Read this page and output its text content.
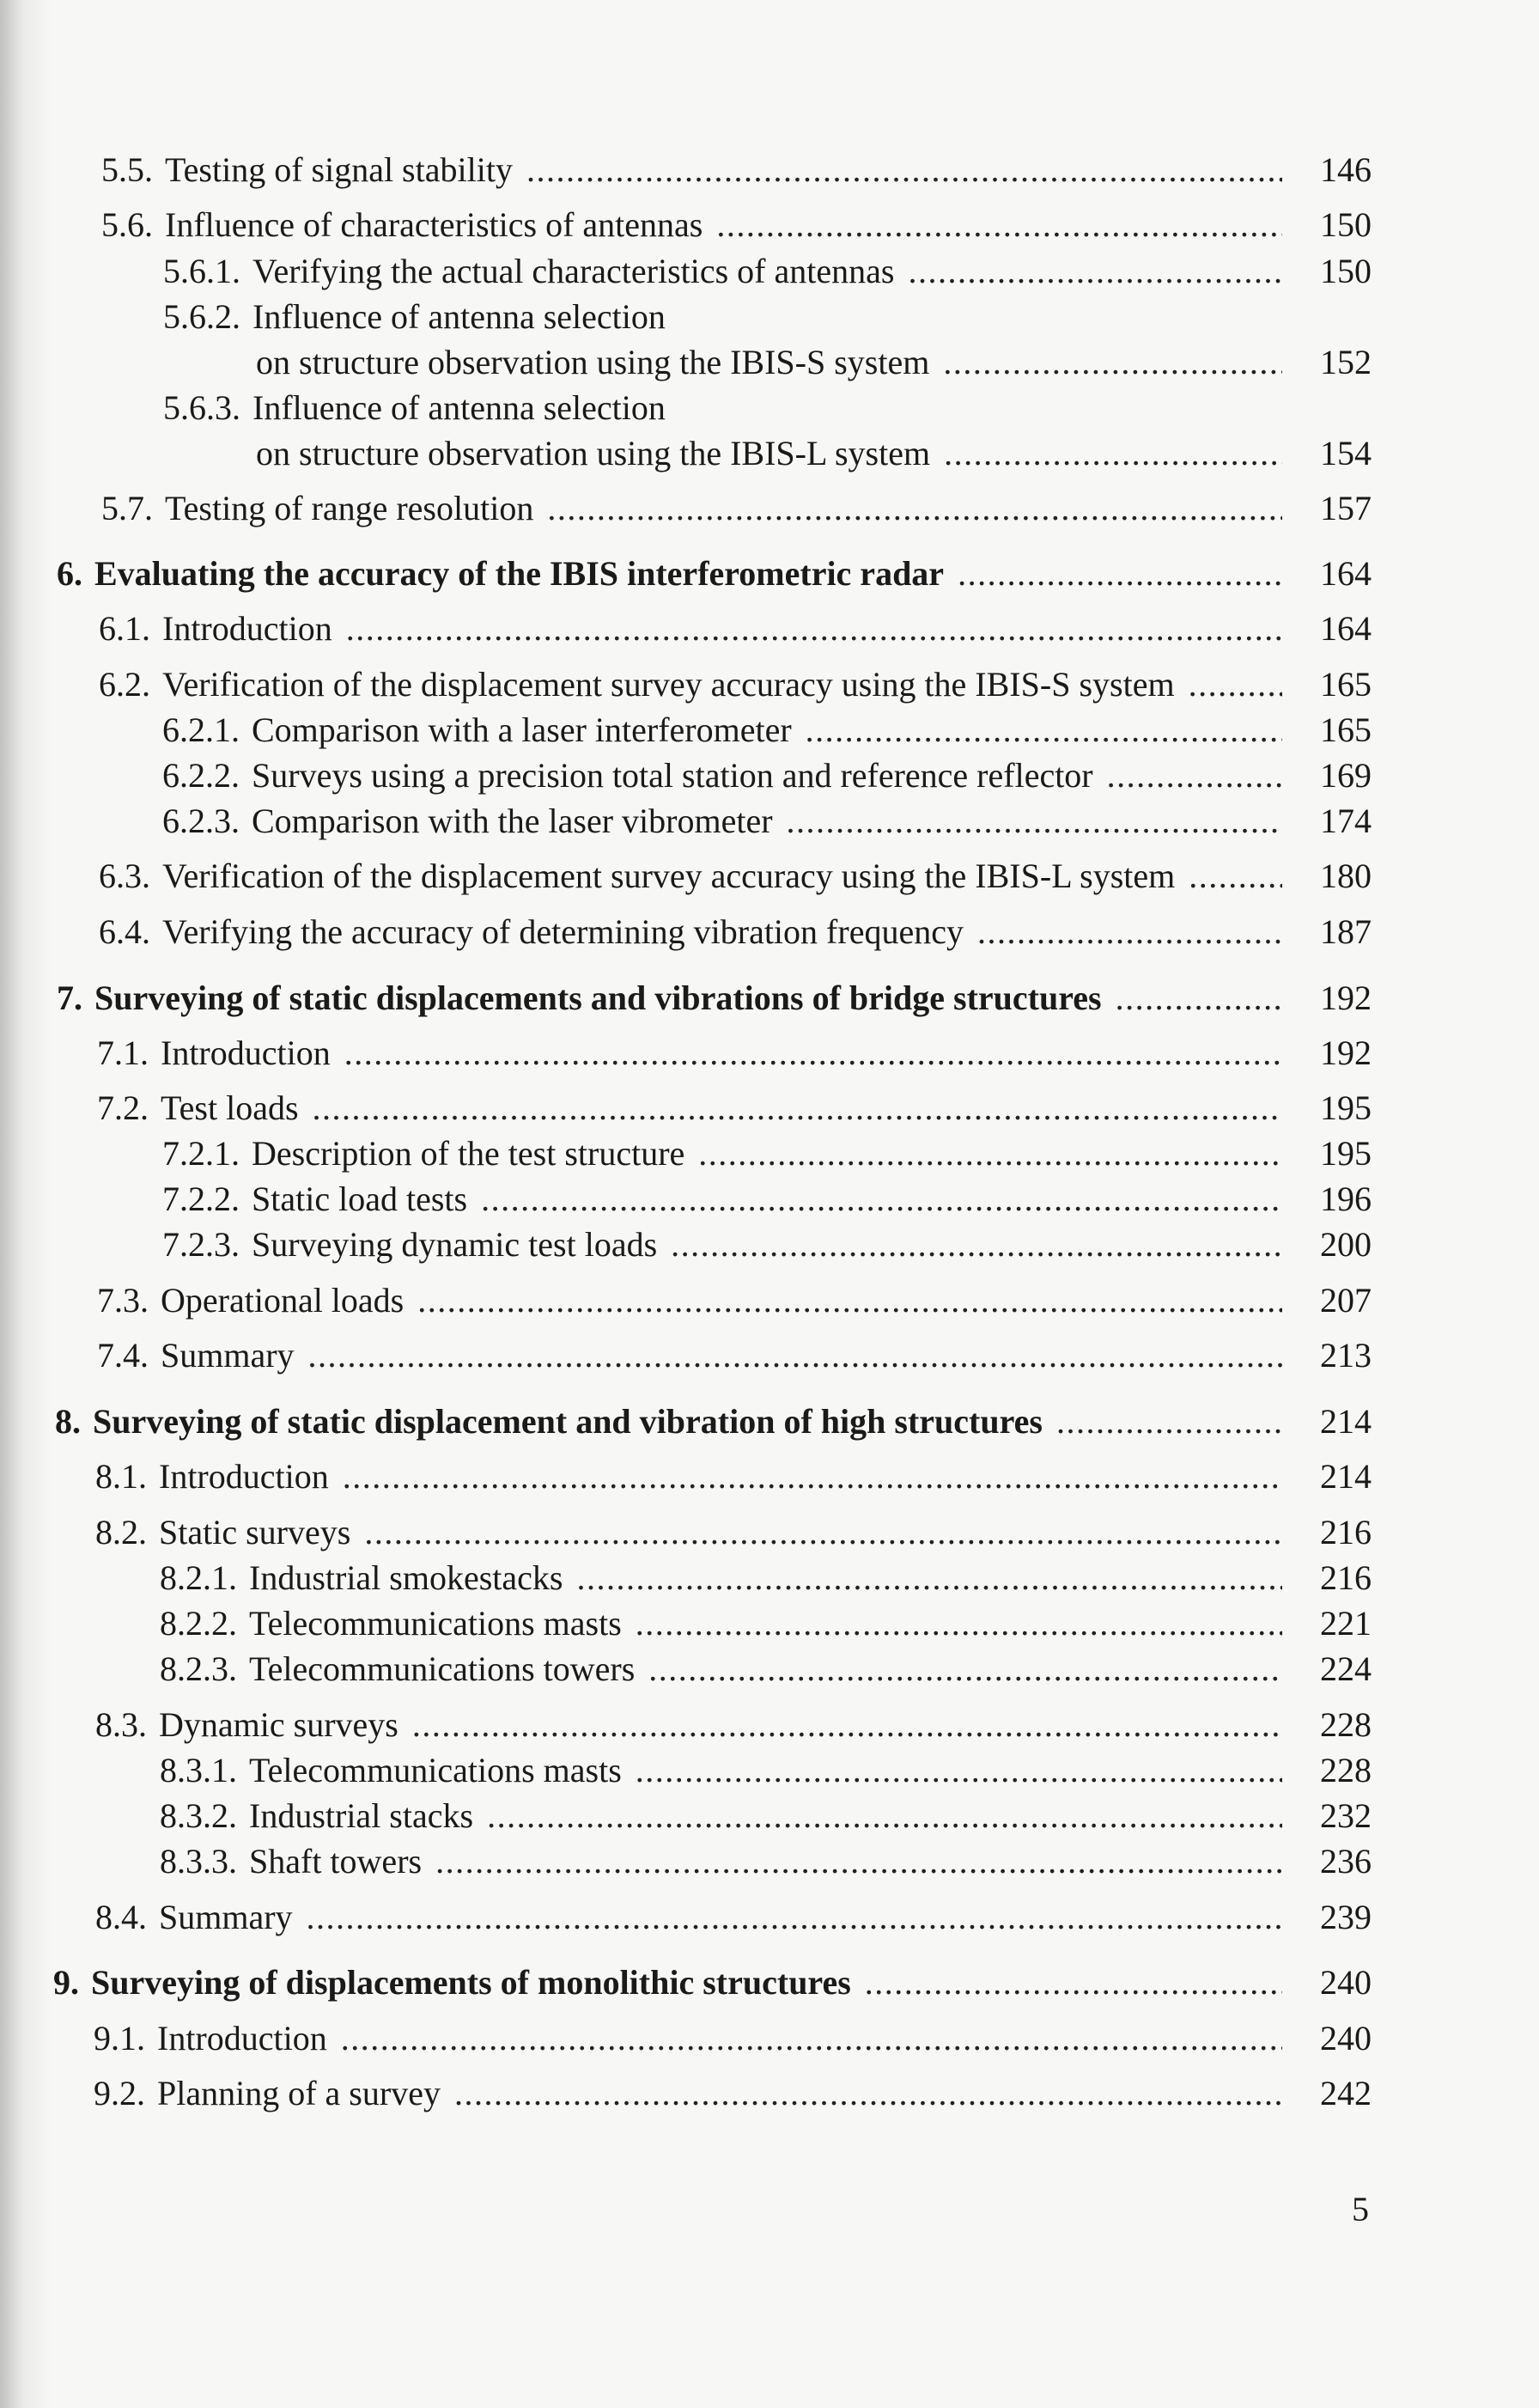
5.5. Testing of signal stability .....	146
5.6. Influence of characteristics of antennas .....	150
5.6.1. Verifying the actual characteristics of antennas .....	150
5.6.2. Influence of antenna selection
on structure observation using the IBIS-S system .....	152
5.6.3. Influence of antenna selection
on structure observation using the IBIS-L system .....	154
5.7. Testing of range resolution .....	157
6. Evaluating the accuracy of the IBIS interferometric radar .....	164
6.1. Introduction .....	164
6.2. Verification of the displacement survey accuracy using the IBIS-S system .....	165
6.2.1. Comparison with a laser interferometer .....	165
6.2.2. Surveys using a precision total station and reference reflector .....	169
6.2.3. Comparison with the laser vibrometer .....	174
6.3. Verification of the displacement survey accuracy using the IBIS-L system .....	180
6.4. Verifying the accuracy of determining vibration frequency .....	187
7. Surveying of static displacements and vibrations of bridge structures .....	192
7.1. Introduction .....	192
7.2. Test loads .....	195
7.2.1. Description of the test structure .....	195
7.2.2. Static load tests .....	196
7.2.3. Surveying dynamic test loads .....	200
7.3. Operational loads .....	207
7.4. Summary .....	213
8. Surveying of static displacement and vibration of high structures .....	214
8.1. Introduction .....	214
8.2. Static surveys .....	216
8.2.1. Industrial smokestacks .....	216
8.2.2. Telecommunications masts .....	221
8.2.3. Telecommunications towers .....	224
8.3. Dynamic surveys .....	228
8.3.1. Telecommunications masts .....	228
8.3.2. Industrial stacks .....	232
8.3.3. Shaft towers .....	236
8.4. Summary .....	239
9. Surveying of displacements of monolithic structures .....	240
9.1. Introduction .....	240
9.2. Planning of a survey .....	242
5
